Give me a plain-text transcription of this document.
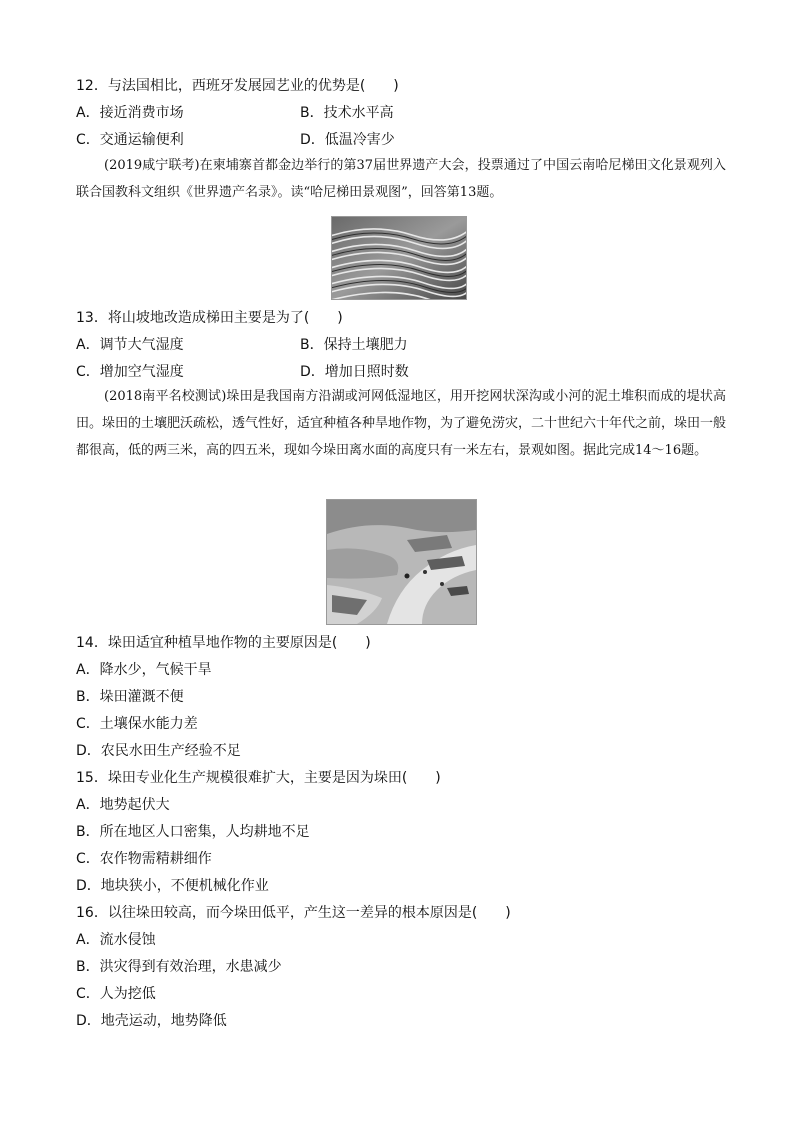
12．与法国相比，西班牙发展园艺业的优势是(　　)
A．接近消费市场	B．技术水平高
C．交通运输便利	D．低温冷害少
(2019咸宁联考)在柬埔寨首都金边举行的第37届世界遗产大会，投票通过了中国云南哈尼梯田文化景观列入联合国教科文组织《世界遗产名录》。读“哈尼梯田景观图”，回答第13题。
13．将山坡地改造成梯田主要是为了(　　)
A．调节大气湿度	B．保持土壤肥力
C．增加空气湿度	D．增加日照时数
(2018南平名校测试)垛田是我国南方沿湖或河网低湿地区，用开挖网状深沟或小河的泥土堆积而成的堤状高田。垛田的土壤肥沃疏松，透气性好，适宜种植各种旱地作物，为了避免涝灾，二十世纪六十年代之前，垛田一般都很高，低的两三米，高的四五米，现如今垛田离水面的高度只有一米左右，景观如图。据此完成14～16题。
14．垛田适宜种植旱地作物的主要原因是(　　)
A．降水少，气候干旱
B．垛田灌溉不便
C．土壤保水能力差
D．农民水田生产经验不足
15．垛田专业化生产规模很难扩大，主要是因为垛田(　　)
A．地势起伏大
B．所在地区人口密集，人均耕地不足
C．农作物需精耕细作
D．地块狭小，不便机械化作业
16．以往垛田较高，而今垛田低平，产生这一差异的根本原因是(　　)
A．流水侵蚀
B．洪灾得到有效治理，水患减少
C．人为挖低
D．地壳运动，地势降低
